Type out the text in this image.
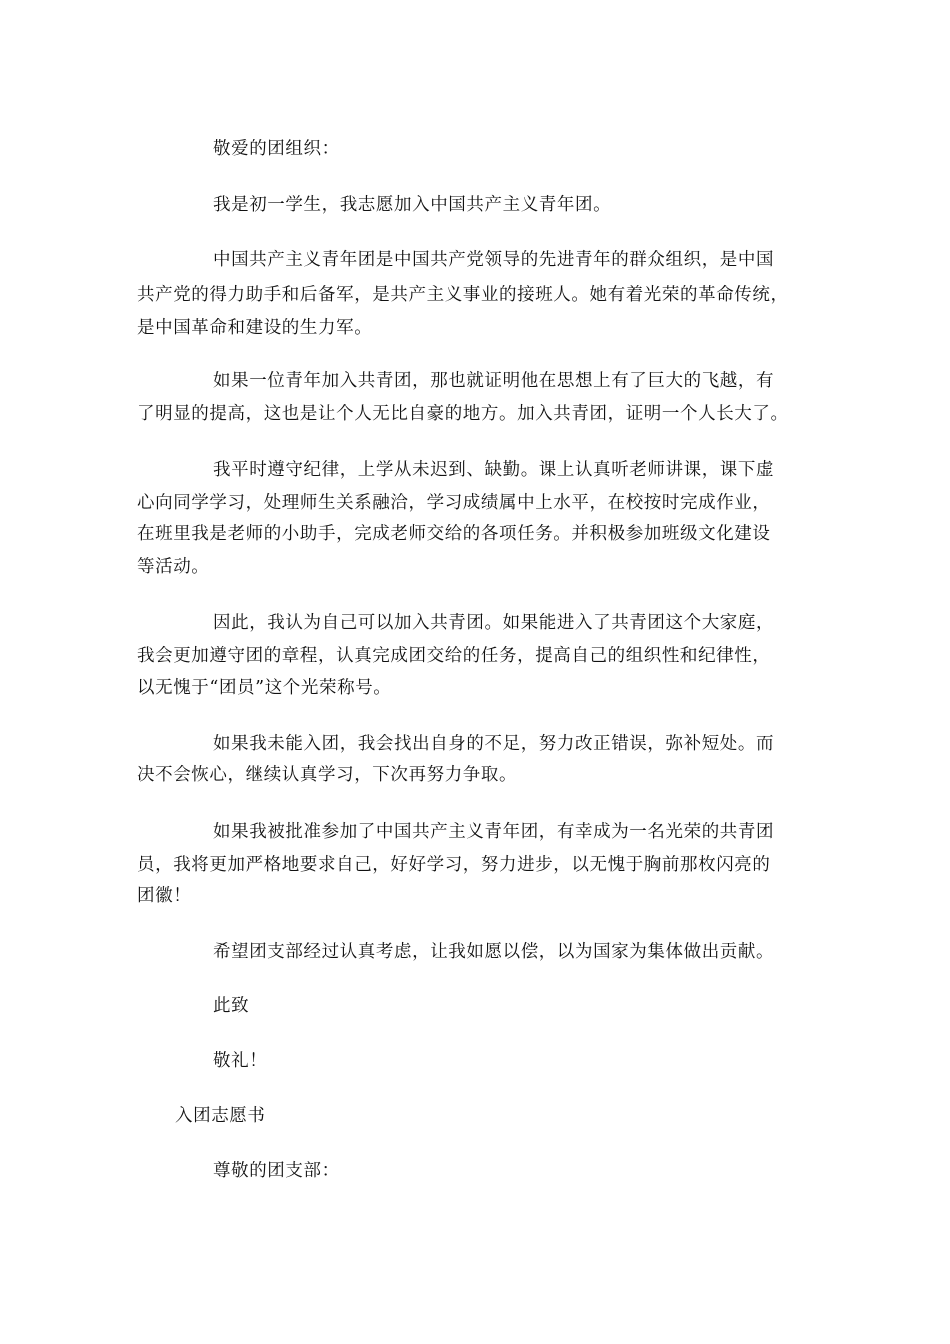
敬爱的团组织：
我是初一学生，我志愿加入中国共产主义青年团。
中国共产主义青年团是中国共产党领导的先进青年的群众组织，是中国
共产党的得力助手和后备军，是共产主义事业的接班人。她有着光荣的革命传统，
是中国革命和建设的生力军。
如果一位青年加入共青团，那也就证明他在思想上有了巨大的飞越，有
了明显的提高，这也是让个人无比自豪的地方。加入共青团，证明一个人长大了。
我平时遵守纪律，上学从未迟到、缺勤。课上认真听老师讲课，课下虚
心向同学学习，处理师生关系融洽，学习成绩属中上水平，在校按时完成作业，
在班里我是老师的小助手，完成老师交给的各项任务。并积极参加班级文化建设
等活动。
因此，我认为自己可以加入共青团。如果能进入了共青团这个大家庭，
我会更加遵守团的章程，认真完成团交给的任务，提高自己的组织性和纪律性，
以无愧于“团员”这个光荣称号。
如果我未能入团，我会找出自身的不足，努力改正错误，弥补短处。而
决不会恢心，继续认真学习，下次再努力争取。
如果我被批准参加了中国共产主义青年团，有幸成为一名光荣的共青团
员，我将更加严格地要求自己，好好学习，努力进步，以无愧于胸前那枚闪亮的
团徽！
希望团支部经过认真考虑，让我如愿以偿，以为国家为集体做出贡献。
此致
敬礼！
入团志愿书
尊敬的团支部：
